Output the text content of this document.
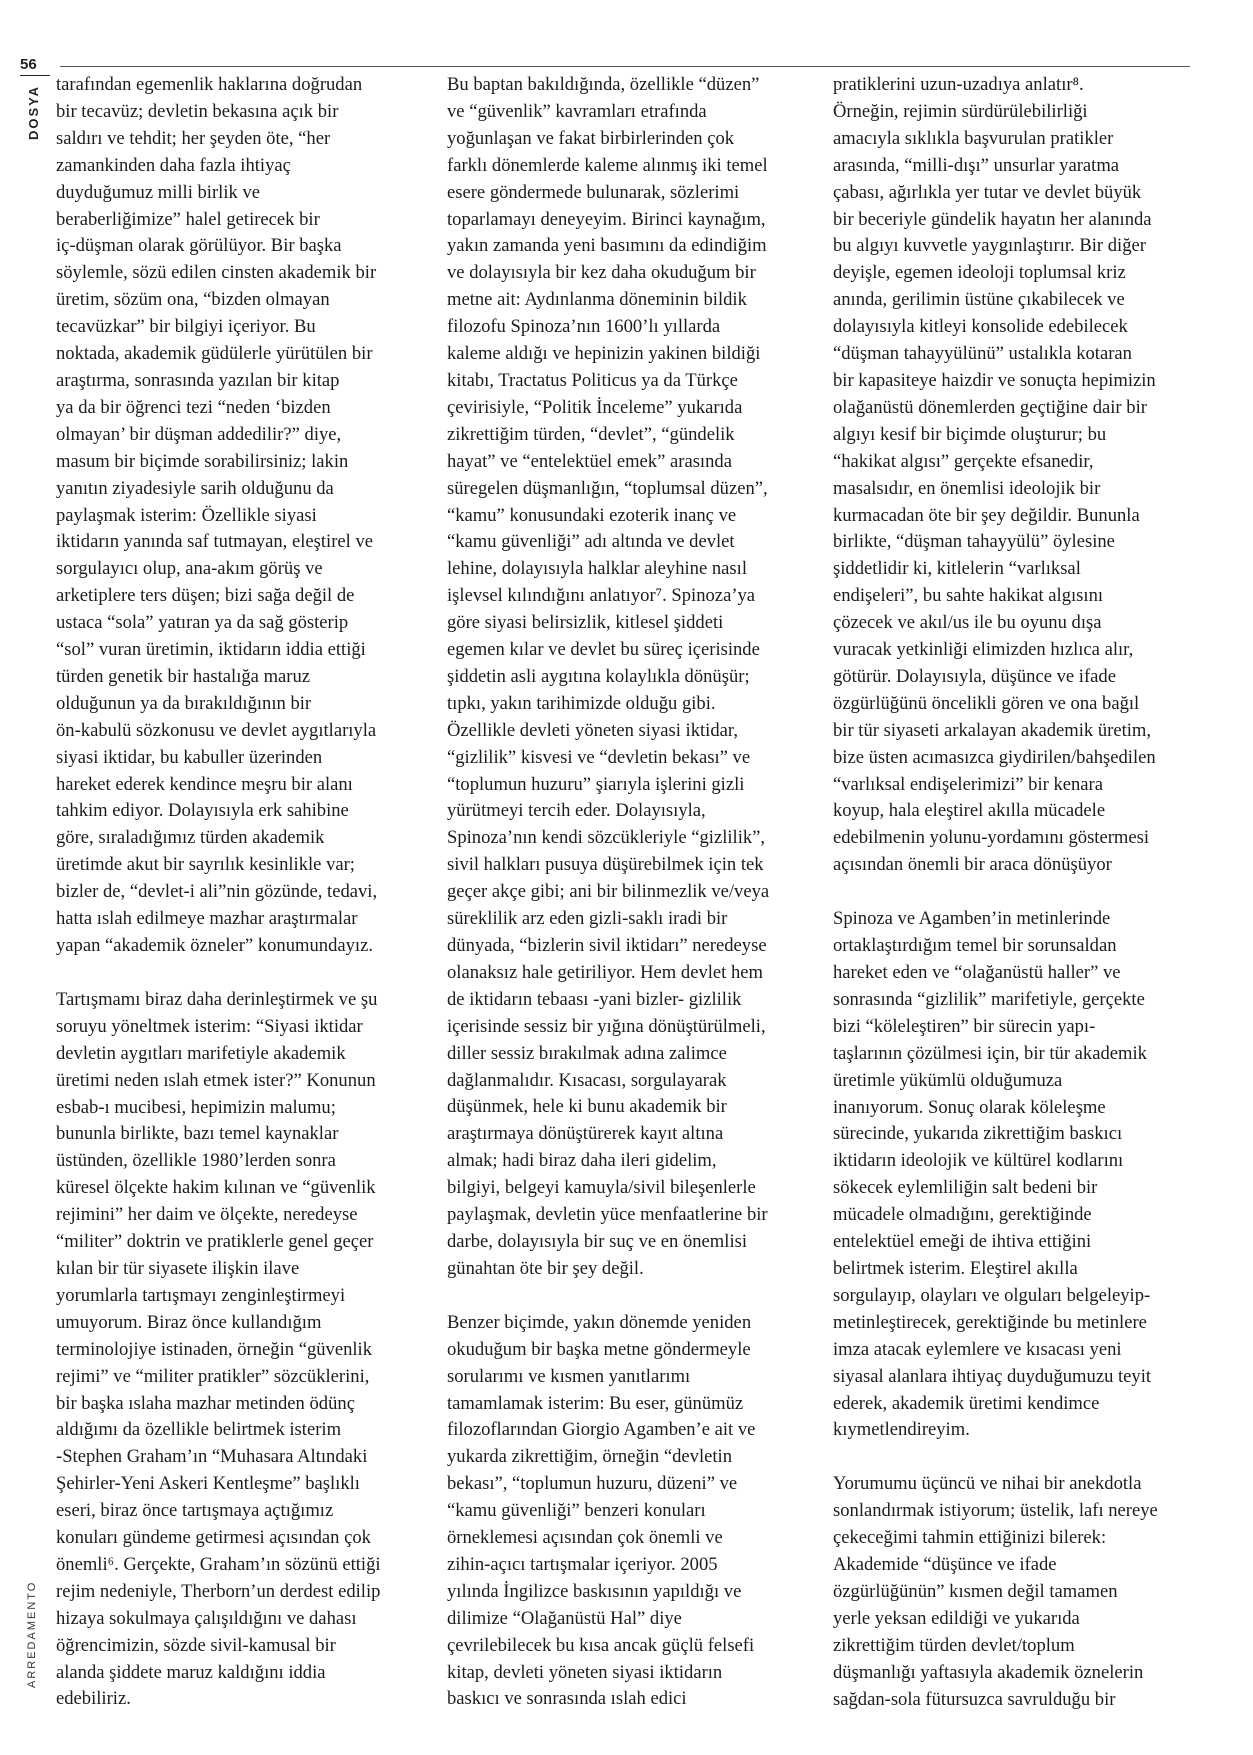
56
DOSYA
ARREDAMENTO

tarafından egemenlik haklarına doğrudan
bir tecavüz; devletin bekasına açık bir
saldırı ve tehdit; her şeyden öte, “her
zamankinden daha fazla ihtiyaç
duyduğumuz milli birlik ve
beraberliğimize” halel getirecek bir
iç-düşman olarak görülüyor. Bir başka
söylemle, sözü edilen cinsten akademik bir
üretim, sözüm ona, “bizden olmayan
tecavüzkar” bir bilgiyi içeriyor. Bu
noktada, akademik güdülerle yürütülen bir
araştırma, sonrasında yazılan bir kitap
ya da bir öğrenci tezi “neden ‘bizden
olmayan’ bir düşman addedilir?” diye,
masum bir biçimde sorabilirsiniz; lakin
yanıtın ziyadesiyle sarih olduğunu da
paylaşmak isterim: Özellikle siyasi
iktidarın yanında saf tutmayan, eleştirel ve
sorgulayıcı olup, ana-akım görüş ve
arketiplere ters düşen; bizi sağa değil de
ustaca “sola” yatıran ya da sağ gösterip
“sol” vuran üretimin, iktidarın iddia ettiği
türden genetik bir hastalığa maruz
olduğunun ya da bırakıldığının bir
ön-kabulü sözkonusu ve devlet aygıtlarıyla
siyasi iktidar, bu kabuller üzerinden
hareket ederek kendince meşru bir alanı
tahkim ediyor. Dolayısıyla erk sahibine
göre, sıraladığımız türden akademik
üretimde akut bir sayrılık kesinlikle var;
bizler de, “devlet-i ali”nin gözünde, tedavi,
hatta ıslah edilmeye mazhar araştırmalar
yapan “akademik özneler” konumundayız.

Tartışmamı biraz daha derinleştirmek ve şu
soruyu yöneltmek isterim: “Siyasi iktidar
devletin aygıtları marifetiyle akademik
üretimi neden ıslah etmek ister?” Konunun
esbab-ı mucibesi, hepimizin malumu;
bununla birlikte, bazı temel kaynaklar
üstünden, özellikle 1980’lerden sonra
küresel ölçekte hakim kılınan ve “güvenlik
rejimini” her daim ve ölçekte, neredeyse
“militer” doktrin ve pratiklerle genel geçer
kılan bir tür siyasete ilişkin ilave
yorumlarla tartışmayı zenginleştirmeyi
umuyorum. Biraz önce kullandığım
terminolojiye istinaden, örneğin “güvenlik
rejimi” ve “militer pratikler” sözcüklerini,
bir başka ıslaha mazhar metinden ödünç
aldığımı da özellikle belirtmek isterim
-Stephen Graham’ın “Muhasara Altındaki
Şehirler-Yeni Askeri Kentleşme” başlıklı
eseri, biraz önce tartışmaya açtığımız
konuları gündeme getirmesi açısından çok
önemli⁶. Gerçekte, Graham’ın sözünü ettiği
rejim nedeniyle, Therborn’un derdest edilip
hizaya sokulmaya çalışıldığını ve dahası
öğrencimizin, sözde sivil-kamusal bir
alanda şiddete maruz kaldığını iddia
edebiliriz.

Bu baptan bakıldığında, özellikle “düzen”
ve “güvenlik” kavramları etrafında
yoğunlaşan ve fakat birbirlerinden çok
farklı dönemlerde kaleme alınmış iki temel
esere göndermede bulunarak, sözlerimi
toparlamayı deneyeyim. Birinci kaynağım,
yakın zamanda yeni basımını da edindiğim
ve dolayısıyla bir kez daha okuduğum bir
metne ait: Aydınlanma döneminin bildik
filozofu Spinoza’nın 1600’lı yıllarda
kaleme aldığı ve hepinizin yakinen bildiği
kitabı, Tractatus Politicus ya da Türkçe
çevirisiyle, “Politik İnceleme” yukarıda
zikrettiğim türden, “devlet”, “gündelik
hayat” ve “entelektüel emek” arasında
süregelen düşmanlığın, “toplumsal düzen”,
“kamu” konusundaki ezoterik inanç ve
“kamu güvenliği” adı altında ve devlet
lehine, dolayısıyla halklar aleyhine nasıl
işlevsel kılındığını anlatıyor⁷. Spinoza’ya
göre siyasi belirsizlik, kitlesel şiddeti
egemen kılar ve devlet bu süreç içerisinde
şiddetin asli aygıtına kolaylıkla dönüşür;
tıpkı, yakın tarihimizde olduğu gibi.
Özellikle devleti yöneten siyasi iktidar,
“gizlilik” kisvesi ve “devletin bekası” ve
“toplumun huzuru” şiarıyla işlerini gizli
yürütmeyi tercih eder. Dolayısıyla,
Spinoza’nın kendi sözcükleriyle “gizlilik”,
sivil halkları pusuya düşürebilmek için tek
geçer akçe gibi; ani bir bilinmezlik ve/veya
süreklilik arz eden gizli-saklı iradi bir
dünyada, “bizlerin sivil iktidarı” neredeyse
olanaksız hale getiriliyor. Hem devlet hem
de iktidarın tebaası -yani bizler- gizlilik
içerisinde sessiz bir yığına dönüştürülmeli,
diller sessiz bırakılmak adına zalimce
dağlanmalıdır. Kısacası, sorgulayarak
düşünmek, hele ki bunu akademik bir
araştırmaya dönüştürerek kayıt altına
almak; hadi biraz daha ileri gidelim,
bilgiyi, belgeyi kamuyla/sivil bileşenlerle
paylaşmak, devletin yüce menfaatlerine bir
darbe, dolayısıyla bir suç ve en önemlisi
günahtan öte bir şey değil.

Benzer biçimde, yakın dönemde yeniden
okuduğum bir başka metne göndermeyle
sorularımı ve kısmen yanıtlarımı
tamamlamak isterim: Bu eser, günümüz
filozoflarından Giorgio Agamben’e ait ve
yukarda zikrettiğim, örneğin “devletin
bekası”, “toplumun huzuru, düzeni” ve
“kamu güvenliği” benzeri konuları
örneklemesi açısından çok önemli ve
zihin-açıcı tartışmalar içeriyor. 2005
yılında İngilizce baskısının yapıldığı ve
dilimize “Olağanüstü Hal” diye
çevrilebilecek bu kısa ancak güçlü felsefi
kitap, devleti yöneten siyasi iktidarın
baskıcı ve sonrasında ıslah edici

pratiklerini uzun-uzadıya anlatır⁸.
Örneğin, rejimin sürdürülebilirliği
amacıyla sıklıkla başvurulan pratikler
arasında, “milli-dışı” unsurlar yaratma
çabası, ağırlıkla yer tutar ve devlet büyük
bir beceriyle gündelik hayatın her alanında
bu algıyı kuvvetle yaygınlaştırır. Bir diğer
deyişle, egemen ideoloji toplumsal kriz
anında, gerilimin üstüne çıkabilecek ve
dolayısıyla kitleyi konsolide edebilecek
“düşman tahayyülünü” ustalıkla kotaran
bir kapasiteye haizdir ve sonuçta hepimizin
olağanüstü dönemlerden geçtiğine dair bir
algıyı kesif bir biçimde oluşturur; bu
“hakikat algısı” gerçekte efsanedir,
masalsıdır, en önemlisi ideolojik bir
kurmacadan öte bir şey değildir. Bununla
birlikte, “düşman tahayyülü” öylesine
şiddetlidir ki, kitlelerin “varlıksal
endişeleri”, bu sahte hakikat algısını
çözecek ve akıl/us ile bu oyunu dışa
vuracak yetkinliği elimizden hızlıca alır,
götürür. Dolayısıyla, düşünce ve ifade
özgürlüğünü öncelikli gören ve ona bağıl
bir tür siyaseti arkalayan akademik üretim,
bize üsten acımasızca giydirilen/bahşedilen
“varlıksal endişelerimizi” bir kenara
koyup, hala eleştirel akılla mücadele
edebilmenin yolunu-yordamını göstermesi
açısından önemli bir araca dönüşüyor

Spinoza ve Agamben’in metinlerinde
ortaklaştırdığım temel bir sorunsaldan
hareket eden ve “olağanüstü haller” ve
sonrasında “gizlilik” marifetiyle, gerçekte
bizi “köleleştiren” bir sürecin yapı-
taşlarının çözülmesi için, bir tür akademik
üretimle yükümlü olduğumuza
inanıyorum. Sonuç olarak köleleşme
sürecinde, yukarıda zikrettiğim baskıcı
iktidarın ideolojik ve kültürel kodlarını
sökecek eylemliliğin salt bedeni bir
mücadele olmadığını, gerektiğinde
entelektüel emeği de ihtiva ettiğini
belirtmek isterim. Eleştirel akılla
sorgulayıp, olayları ve olguları belgeleyip-
metinleştirecek, gerektiğinde bu metinlere
imza atacak eylemlere ve kısacası yeni
siyasal alanlara ihtiyaç duyduğumuzu teyit
ederek, akademik üretimi kendimce
kıymetlendireyim.

Yorumumu üçüncü ve nihai bir anekdotla
sonlandırmak istiyorum; üstelik, lafı nereye
çekeceğimi tahmin ettiğinizi bilerek:
Akademide “düşünce ve ifade
özgürlüğünün” kısmen değil tamamen
yerle yeksan edildiği ve yukarıda
zikrettiğim türden devlet/toplum
düşmanlığı yaftasıyla akademik öznelerin
sağdan-sola fütursuzca savrulduğu bir
